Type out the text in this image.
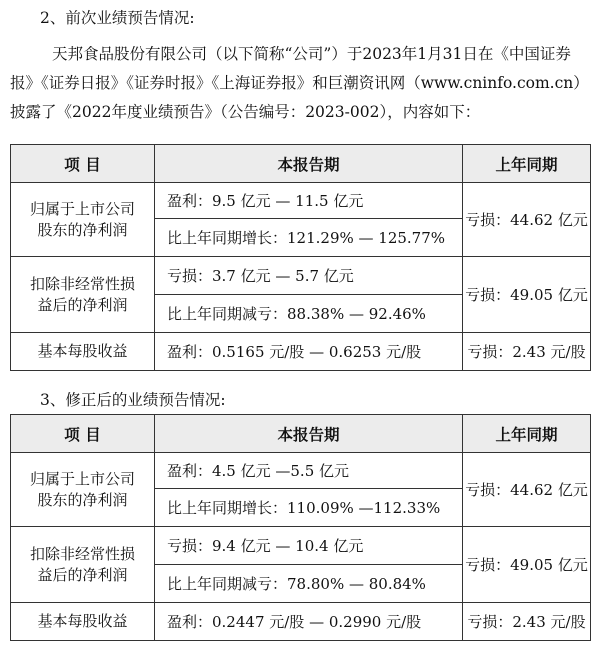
2、前次业绩预告情况:
天邦食品股份有限公司（以下简称“公司”）于2023年1月31日在《中国证券
报》《证券日报》《证券时报》《上海证券报》和巨潮资讯网（www.cninfo.com.cn）
披露了《2022年度业绩预告》（公告编号：2023-002），内容如下：
项 目	本报告期	上年同期

归属于上市公司
股东的净利润	盈利：9.5 亿元 — 11.5 亿元	亏损：44.62 亿元
	比上年同期增长：121.29% — 125.77%	

扣除非经常性损
益后的净利润	亏损：3.7 亿元 — 5.7 亿元	亏损：49.05 亿元
	比上年同期减亏：88.38% — 92.46%	
基本每股收益	盈利：0.5165 元/股 — 0.6253 元/股	亏损：2.43 元/股
3、修正后的业绩预告情况:
项 目	本报告期	上年同期

归属于上市公司
股东的净利润	盈利：4.5 亿元 —5.5 亿元	亏损：44.62 亿元
	比上年同期增长：110.09% —112.33%	

扣除非经常性损
益后的净利润	亏损：9.4 亿元 — 10.4 亿元	亏损：49.05 亿元
	比上年同期减亏：78.80% — 80.84%	
基本每股收益	盈利：0.2447 元/股 — 0.2990 元/股	亏损：2.43 元/股
